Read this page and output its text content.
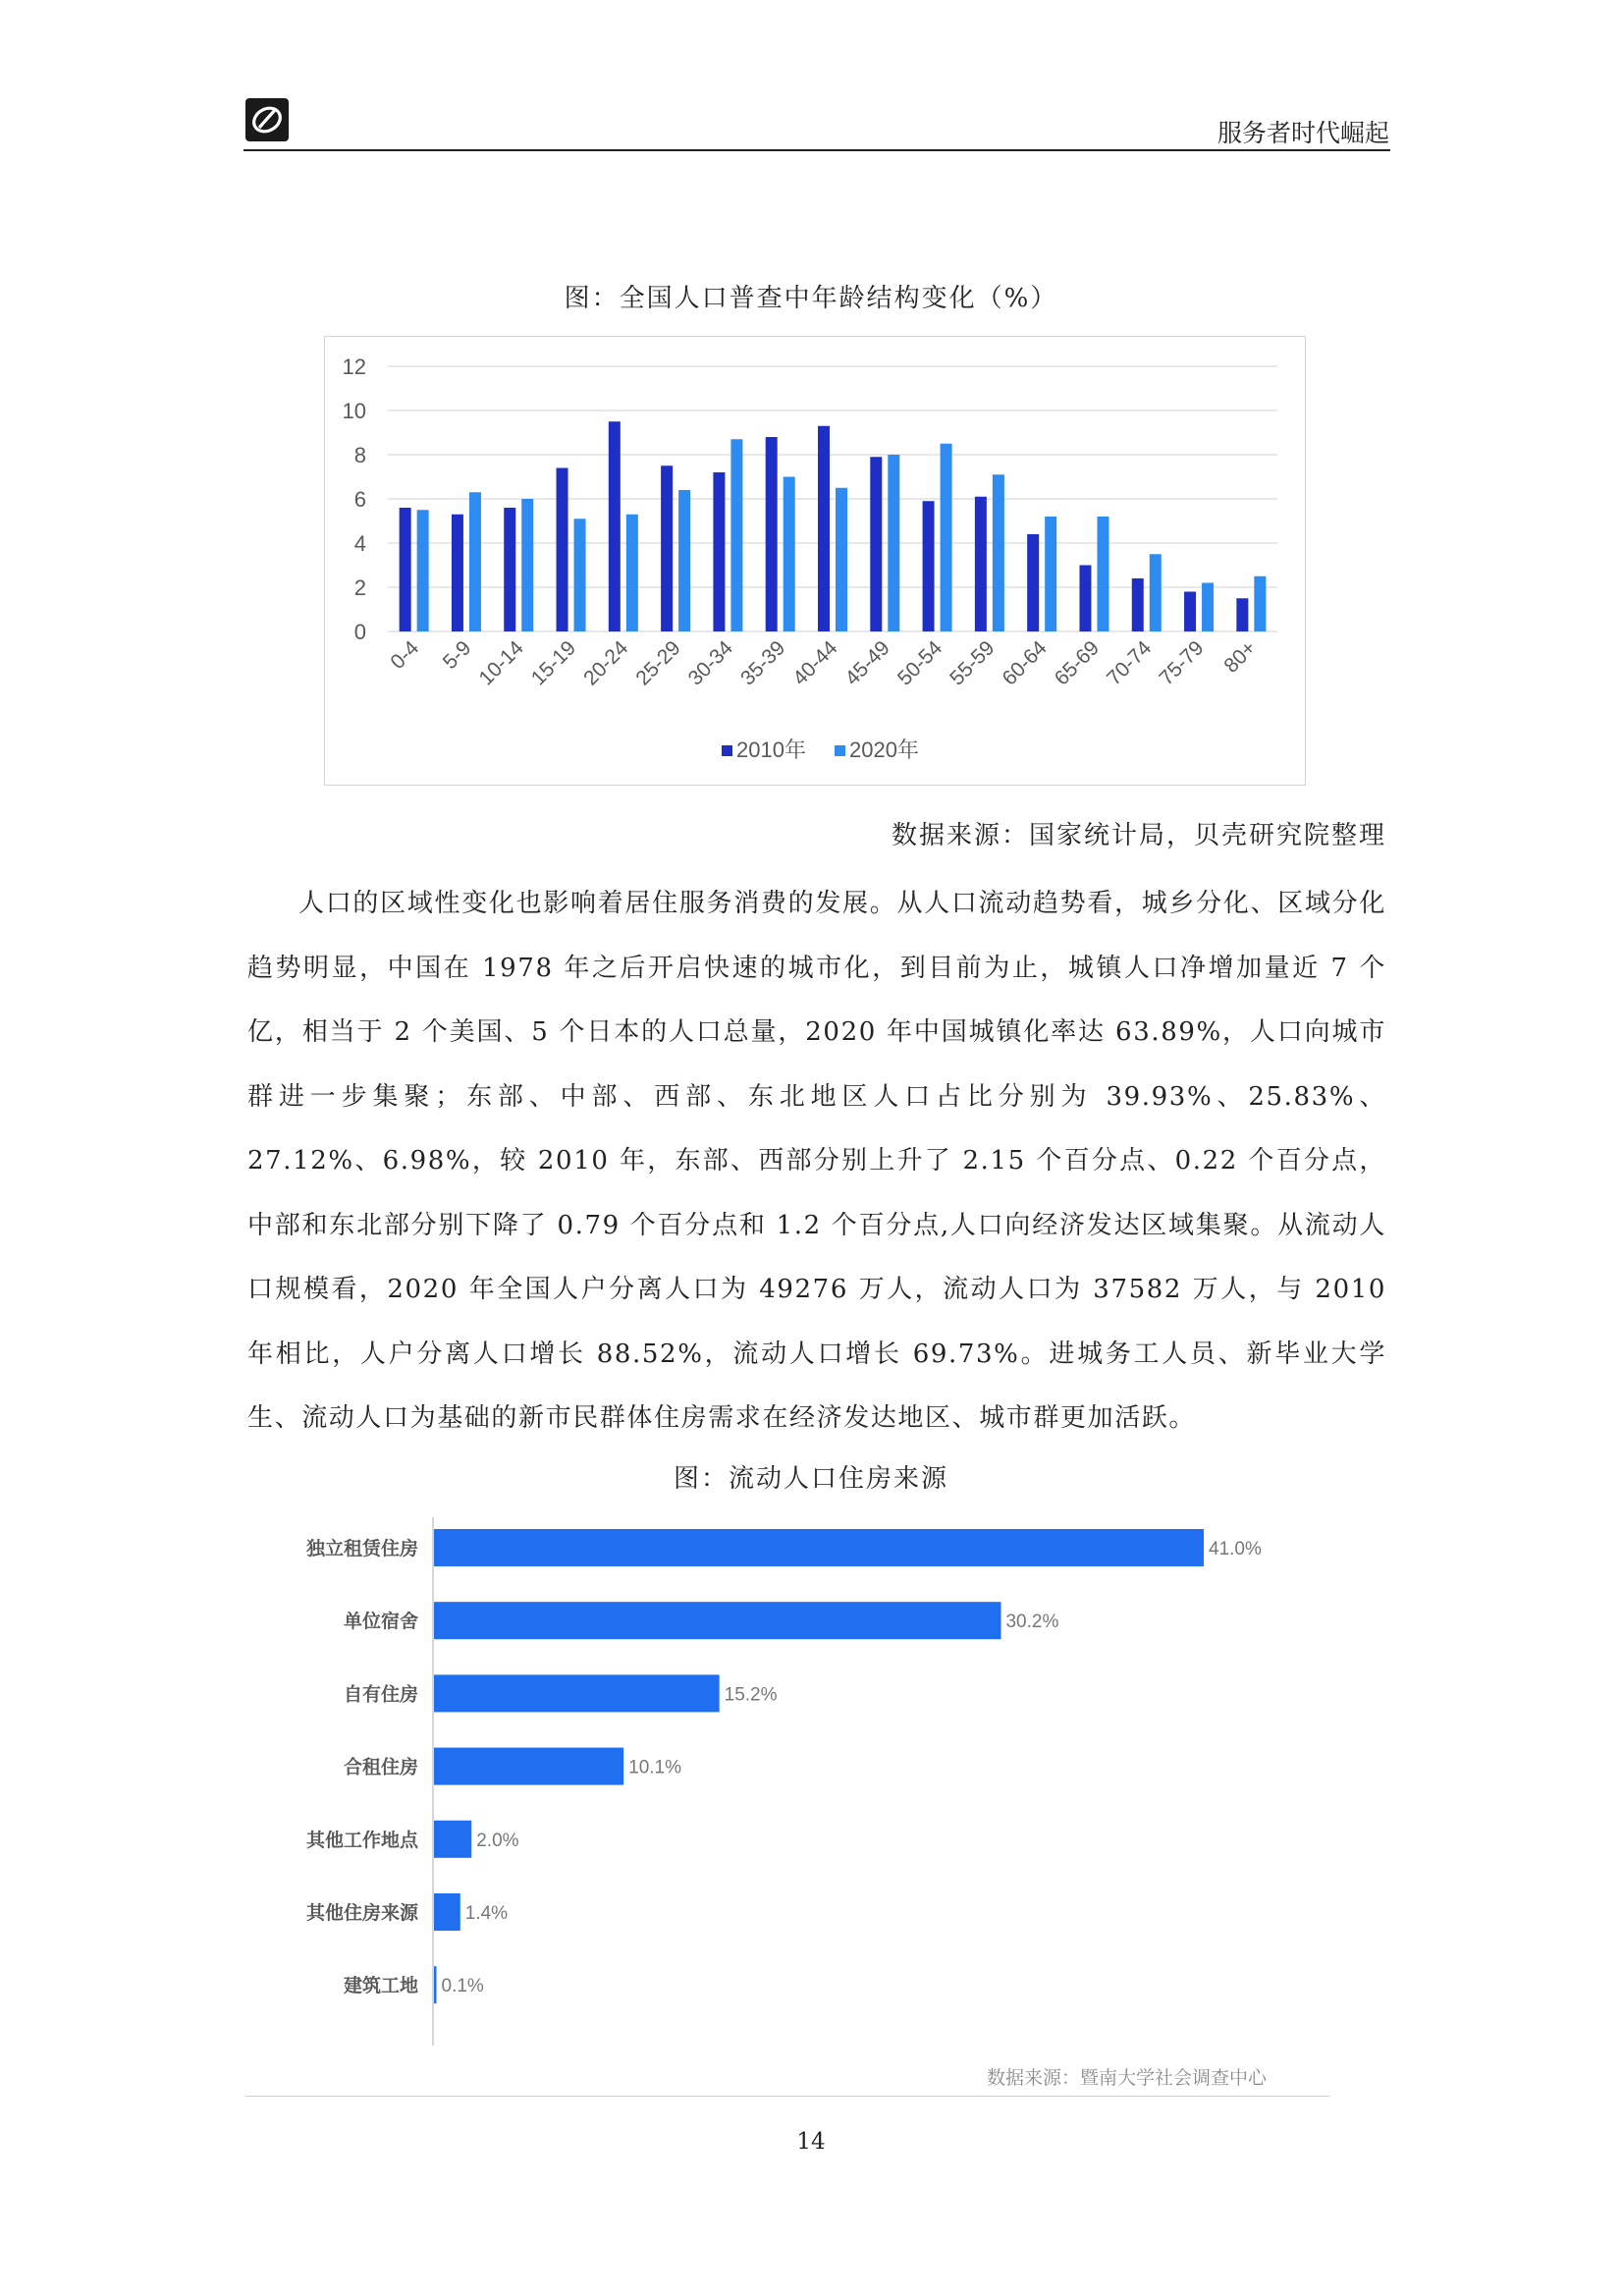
服务者时代崛起
图：全国人口普查中年龄结构变化（%）
0
2
4
6
8
10
12
0-4 5-9 10-14 15-19 20-24 25-29 30-34 35-39 40-44 45-49 50-54 55-59 60-64 65-69 70-74 75-79 80+
2010年 2020年
数据来源：国家统计局，贝壳研究院整理

人口的区域性变化也影响着居住服务消费的发展。从人口流动趋势看，城乡分化、区域分化趋势明显，中国在 1978 年之后开启快速的城市化，到目前为止，城镇人口净增加量近 7 个亿，相当于 2 个美国、5 个日本的人口总量，2020 年中国城镇化率达 63.89%，人口向城市群进一步集聚；东部、中部、西部、东北地区人口占比分别为 39.93%、25.83%、27.12%、6.98%，较 2010 年，东部、西部分别上升了 2.15 个百分点、0.22 个百分点，中部和东北部分别下降了 0.79 个百分点和 1.2 个百分点,人口向经济发达区域集聚。从流动人口规模看，2020 年全国人户分离人口为 49276 万人，流动人口为 37582 万人，与 2010 年相比，人户分离人口增长 88.52%，流动人口增长 69.73%。进城务工人员、新毕业大学生、流动人口为基础的新市民群体住房需求在经济发达地区、城市群更加活跃。

图：流动人口住房来源
独立租赁住房	41.0%
单位宿舍	30.2%
自有住房	15.2%
合租住房	10.1%
其他工作地点	2.0%
其他住房来源	1.4%
建筑工地 0.1%
数据来源：暨南大学社会调查中心
14
